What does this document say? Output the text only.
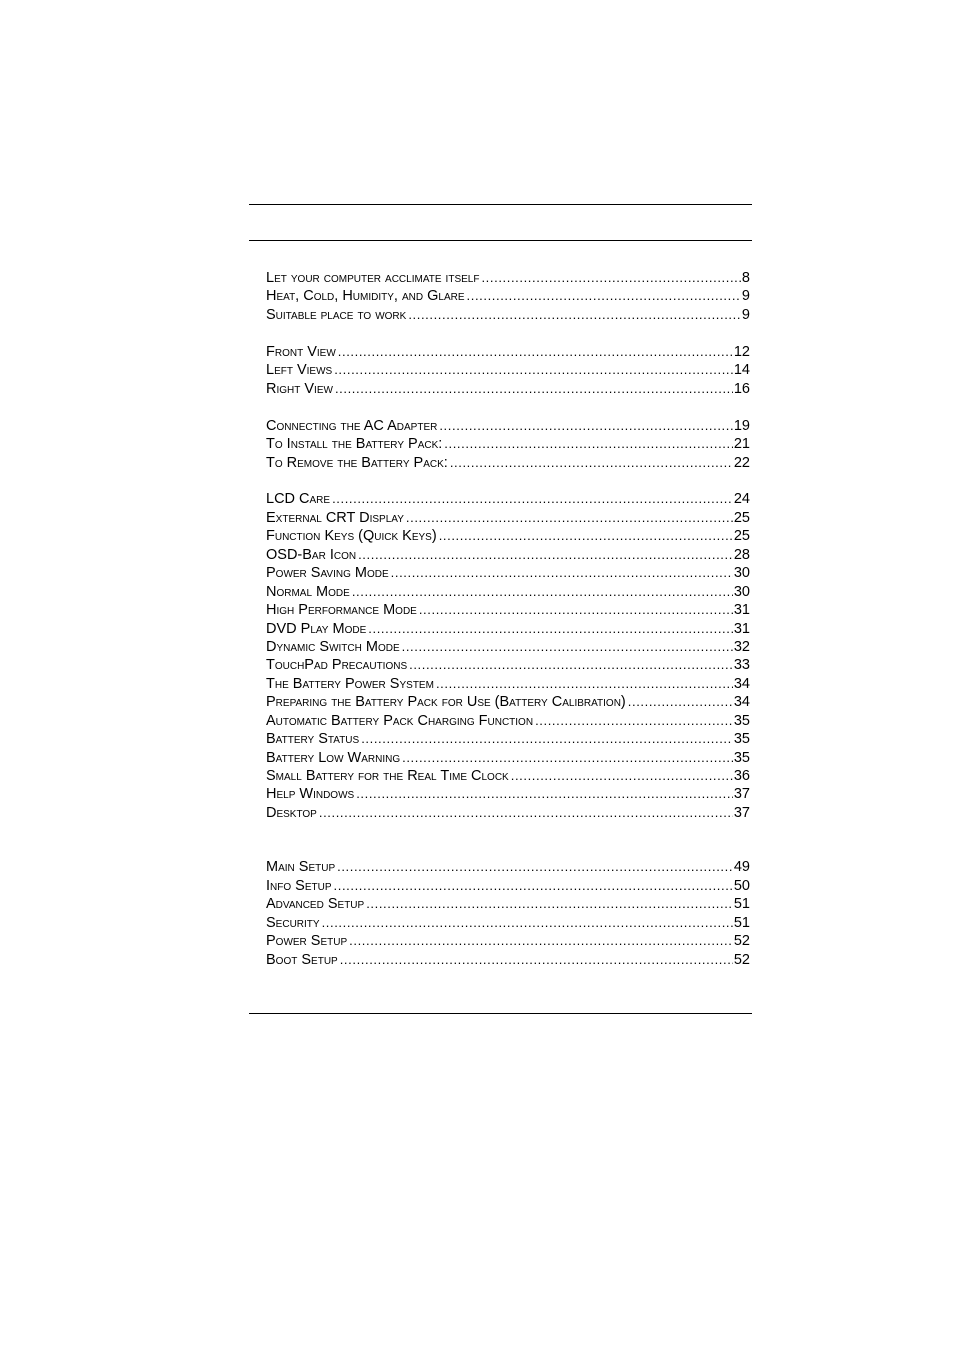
Let your computer acclimate itself .....	8
Heat, Cold, Humidity, and Glare .....	9
Suitable place to work .....	9
Front View .....	12
Left Views .....	14
Right View .....	16
Connecting the AC Adapter .....	19
To Install the Battery Pack: .....	21
To Remove the Battery Pack: .....	22
LCD Care .....	24
External CRT Display .....	25
Function Keys (Quick Keys) .....	25
OSD-Bar Icon .....	28
Power Saving Mode .....	30
Normal Mode .....	30
High Performance Mode .....	31
DVD Play Mode .....	31
Dynamic Switch Mode .....	32
TouchPad Precautions .....	33
The Battery Power System .....	34
Preparing the Battery Pack for Use (Battery Calibration) .....	34
Automatic Battery Pack Charging Function .....	35
Battery Status .....	35
Battery Low Warning .....	35
Small Battery for the Real Time Clock .....	36
Help Windows .....	37
Desktop .....	37
Main Setup .....	49
Info Setup .....	50
Advanced Setup .....	51
Security .....	51
Power Setup .....	52
Boot Setup .....	52
